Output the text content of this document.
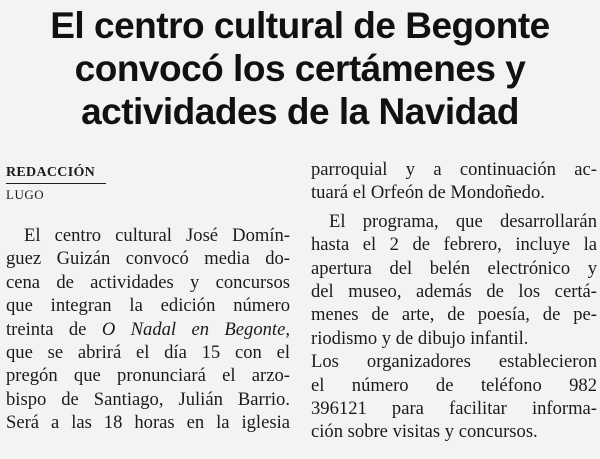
El centro cultural de Begonte
convocó los certámenes y
actividades de la Navidad
REDACCIÓN
LUGO
El centro cultural José Domín-
guez Guizán convocó media do-
cena de actividades y concursos
que integran la edición número
treinta de O Nadal en Begonte,
que se abrirá el día 15 con el
pregón que pronunciará el arzo-
bispo de Santiago, Julián Barrio.
Será a las 18 horas en la iglesia
parroquial y a continuación ac-
tuará el Orfeón de Mondoñedo.
El programa, que desarrollarán
hasta el 2 de febrero, incluye la
apertura del belén electrónico y
del museo, además de los certá-
menes de arte, de poesía, de pe-
riodismo y de dibujo infantil.
Los organizadores establecieron
el número de teléfono 982
396121 para facilitar informa-
ción sobre visitas y concursos.
